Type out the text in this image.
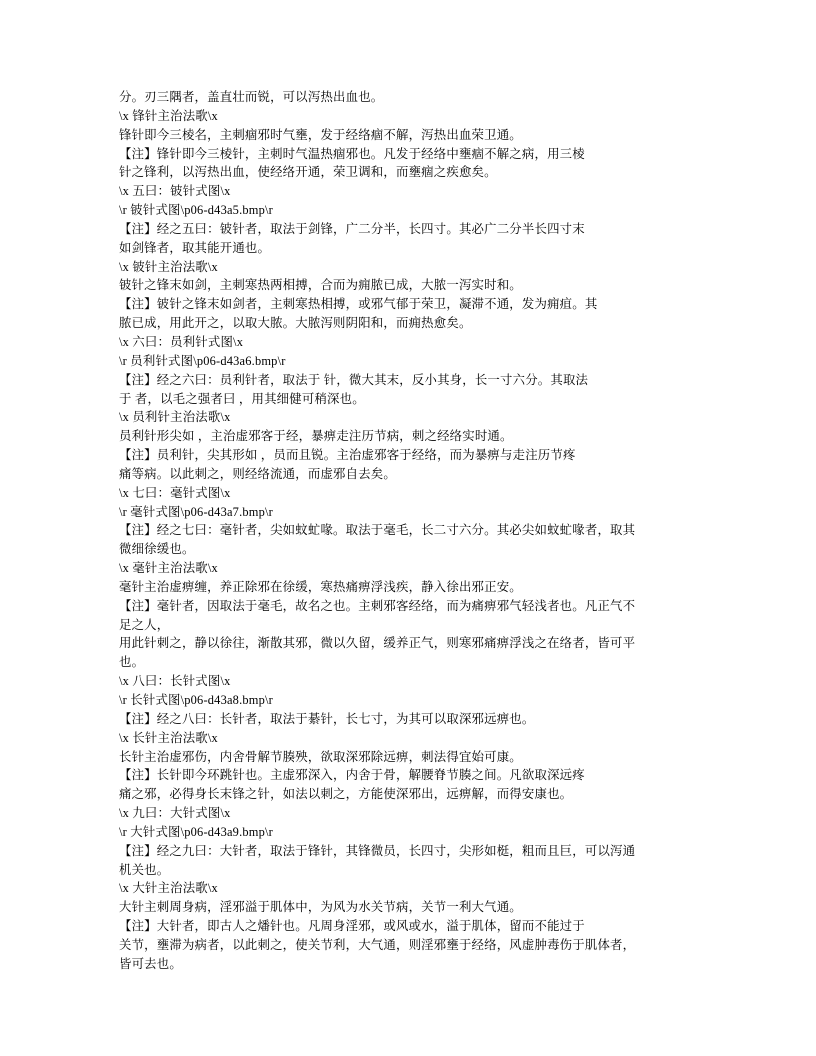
分。刃三隅者，盖直壮而锐，可以泻热出血也。
\x 锋针主治法歌\x
锋针即今三棱名，主刺痼邪时气壅，发于经络痼不解，泻热出血荣卫通。
【注】锋针即今三棱针，主刺时气温热痼邪也。凡发于经络中壅痼不解之病，用三棱
针之锋利，以泻热出血，使经络开通，荣卫调和，而壅痼之疾愈矣。
\x 五曰：铍针式图\x
\r 铍针式图\p06-d43a5.bmp\r
【注】经之五曰：铍针者，取法于剑锋，广二分半，长四寸。其必广二分半长四寸末
如剑锋者，取其能开通也。
\x 铍针主治法歌\x
铍针之锋末如剑，主刺寒热两相搏，合而为痈脓已成，大脓一泻实时和。
【注】铍针之锋末如剑者，主刺寒热相搏，或邪气郁于荣卫，凝滞不通，发为痈疽。其
脓已成，用此开之，以取大脓。大脓泻则阴阳和，而痈热愈矣。
\x 六曰：员利针式图\x
\r 员利针式图\p06-d43a6.bmp\r
【注】经之六曰：员利针者，取法于 针，微大其末，反小其身，长一寸六分。其取法
于 者，以毛之强者曰 ，用其细健可稍深也。
\x 员利针主治法歌\x
员利针形尖如 ，主治虚邪客于经，暴痹走注历节病，刺之经络实时通。
【注】员利针，尖其形如 ，员而且锐。主治虚邪客于经络，而为暴痹与走注历节疼
痛等病。以此刺之，则经络流通，而虚邪自去矣。
\x 七曰：毫针式图\x
\r 毫针式图\p06-d43a7.bmp\r
【注】经之七曰：毫针者，尖如蚊虻喙。取法于毫毛，长二寸六分。其必尖如蚊虻喙者，取其
微细徐缓也。
\x 毫针主治法歌\x
毫针主治虚痹缠，养正除邪在徐缓，寒热痛痹浮浅疾，静入徐出邪正安。
【注】毫针者，因取法于毫毛，故名之也。主刺邪客经络，而为痛痹邪气轻浅者也。凡正气不
足之人，
用此针刺之，静以徐往，渐散其邪，微以久留，缓养正气，则寒邪痛痹浮浅之在络者，皆可平
也。
\x 八曰：长针式图\x
\r 长针式图\p06-d43a8.bmp\r
【注】经之八曰：长针者，取法于綦针，长七寸，为其可以取深邪远痹也。
\x 长针主治法歌\x
长针主治虚邪伤，内舍骨解节腠殃，欲取深邪除远痹，刺法得宜始可康。
【注】长针即今环跳针也。主虚邪深入，内舍于骨，解腰脊节腠之间。凡欲取深远疼
痛之邪，必得身长末锋之针，如法以刺之，方能使深邪出，远痹解，而得安康也。
\x 九曰：大针式图\x
\r 大针式图\p06-d43a9.bmp\r
【注】经之九曰：大针者，取法于锋针，其锋微员，长四寸，尖形如梃，粗而且巨，可以泻通
机关也。
\x 大针主治法歌\x
大针主刺周身病，淫邪溢于肌体中，为风为水关节病，关节一利大气通。
【注】大针者，即古人之燔针也。凡周身淫邪，或风或水，溢于肌体，留而不能过于
关节，壅滞为病者，以此刺之，使关节利，大气通，则淫邪壅于经络，风虚肿毒伤于肌体者，
皆可去也。
